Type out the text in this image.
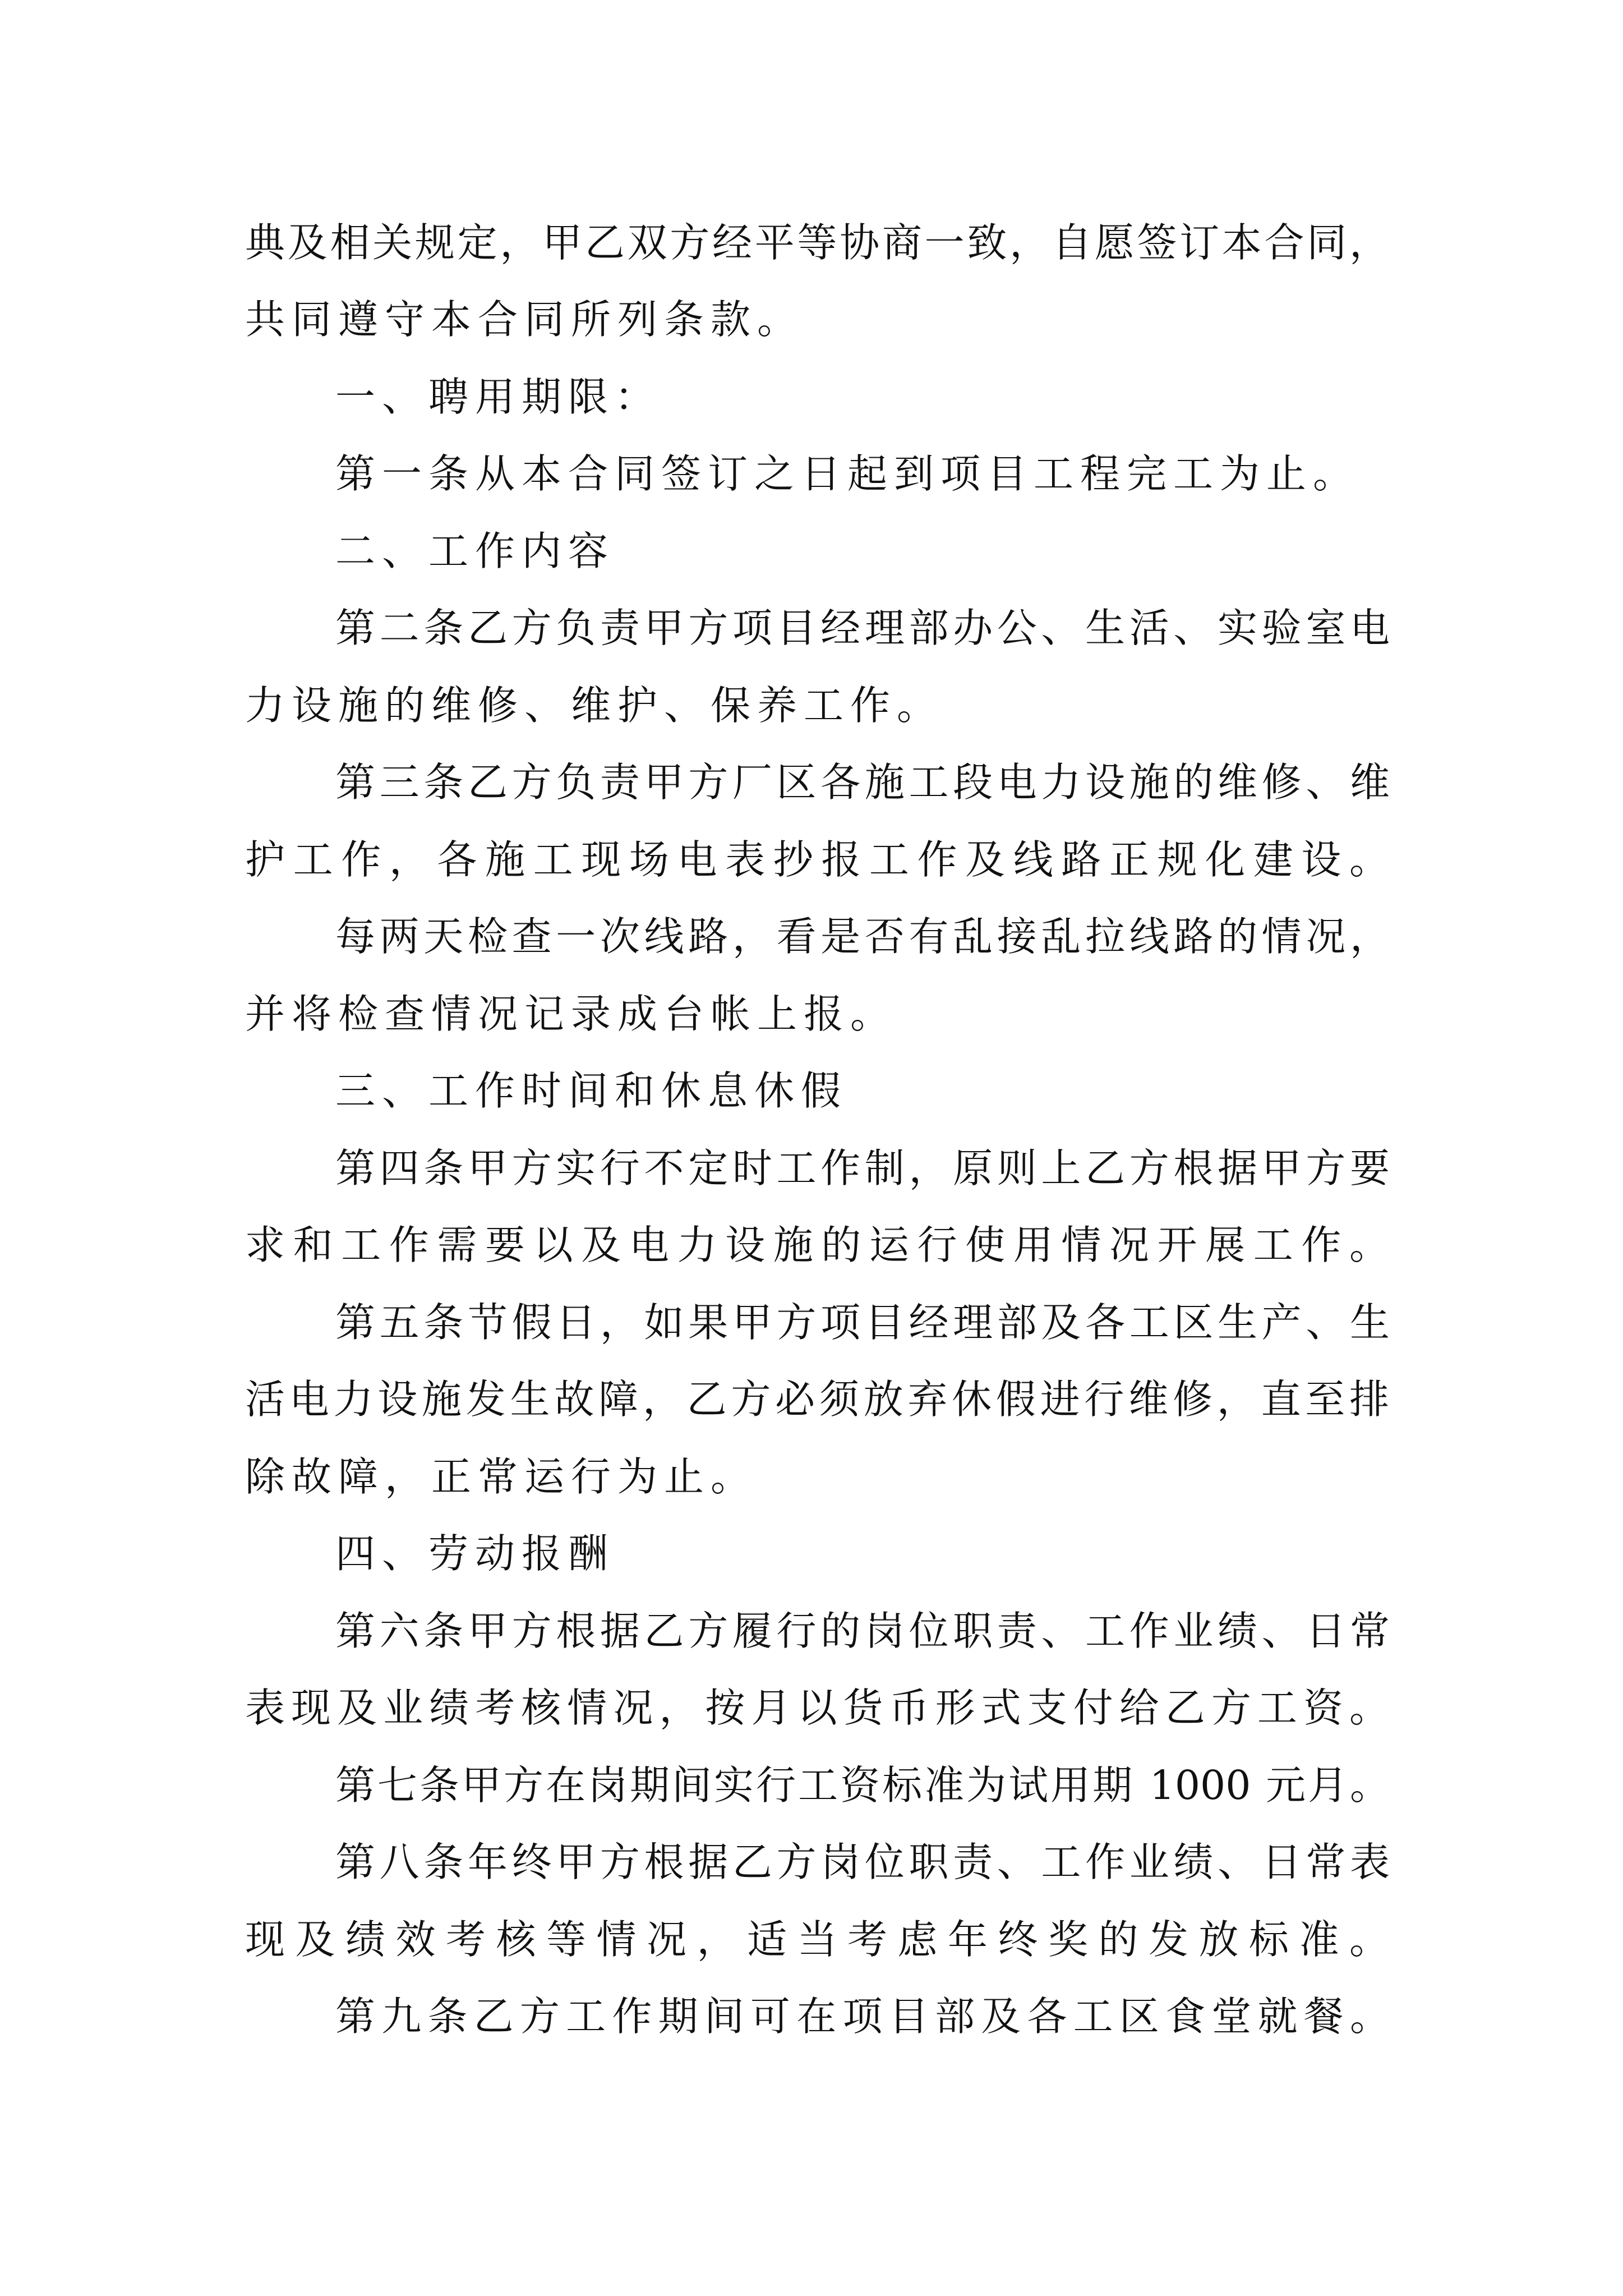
典及相关规定，甲乙双方经平等协商一致，自愿签订本合同，
共同遵守本合同所列条款。
一、聘用期限：
第一条从本合同签订之日起到项目工程完工为止。
二、工作内容
第二条乙方负责甲方项目经理部办公、生活、实验室电
力设施的维修、维护、保养工作。
第三条乙方负责甲方厂区各施工段电力设施的维修、维
护工作，各施工现场电表抄报工作及线路正规化建设。
每两天检查一次线路，看是否有乱接乱拉线路的情况，
并将检查情况记录成台帐上报。
三、工作时间和休息休假
第四条甲方实行不定时工作制，原则上乙方根据甲方要
求和工作需要以及电力设施的运行使用情况开展工作。
第五条节假日，如果甲方项目经理部及各工区生产、生
活电力设施发生故障，乙方必须放弃休假进行维修，直至排
除故障，正常运行为止。
四、劳动报酬
第六条甲方根据乙方履行的岗位职责、工作业绩、日常
表现及业绩考核情况，按月以货币形式支付给乙方工资。
第七条甲方在岗期间实行工资标准为试用期 1000 元月。
第八条年终甲方根据乙方岗位职责、工作业绩、日常表
现及绩效考核等情况，适当考虑年终奖的发放标准。
第九条乙方工作期间可在项目部及各工区食堂就餐。
